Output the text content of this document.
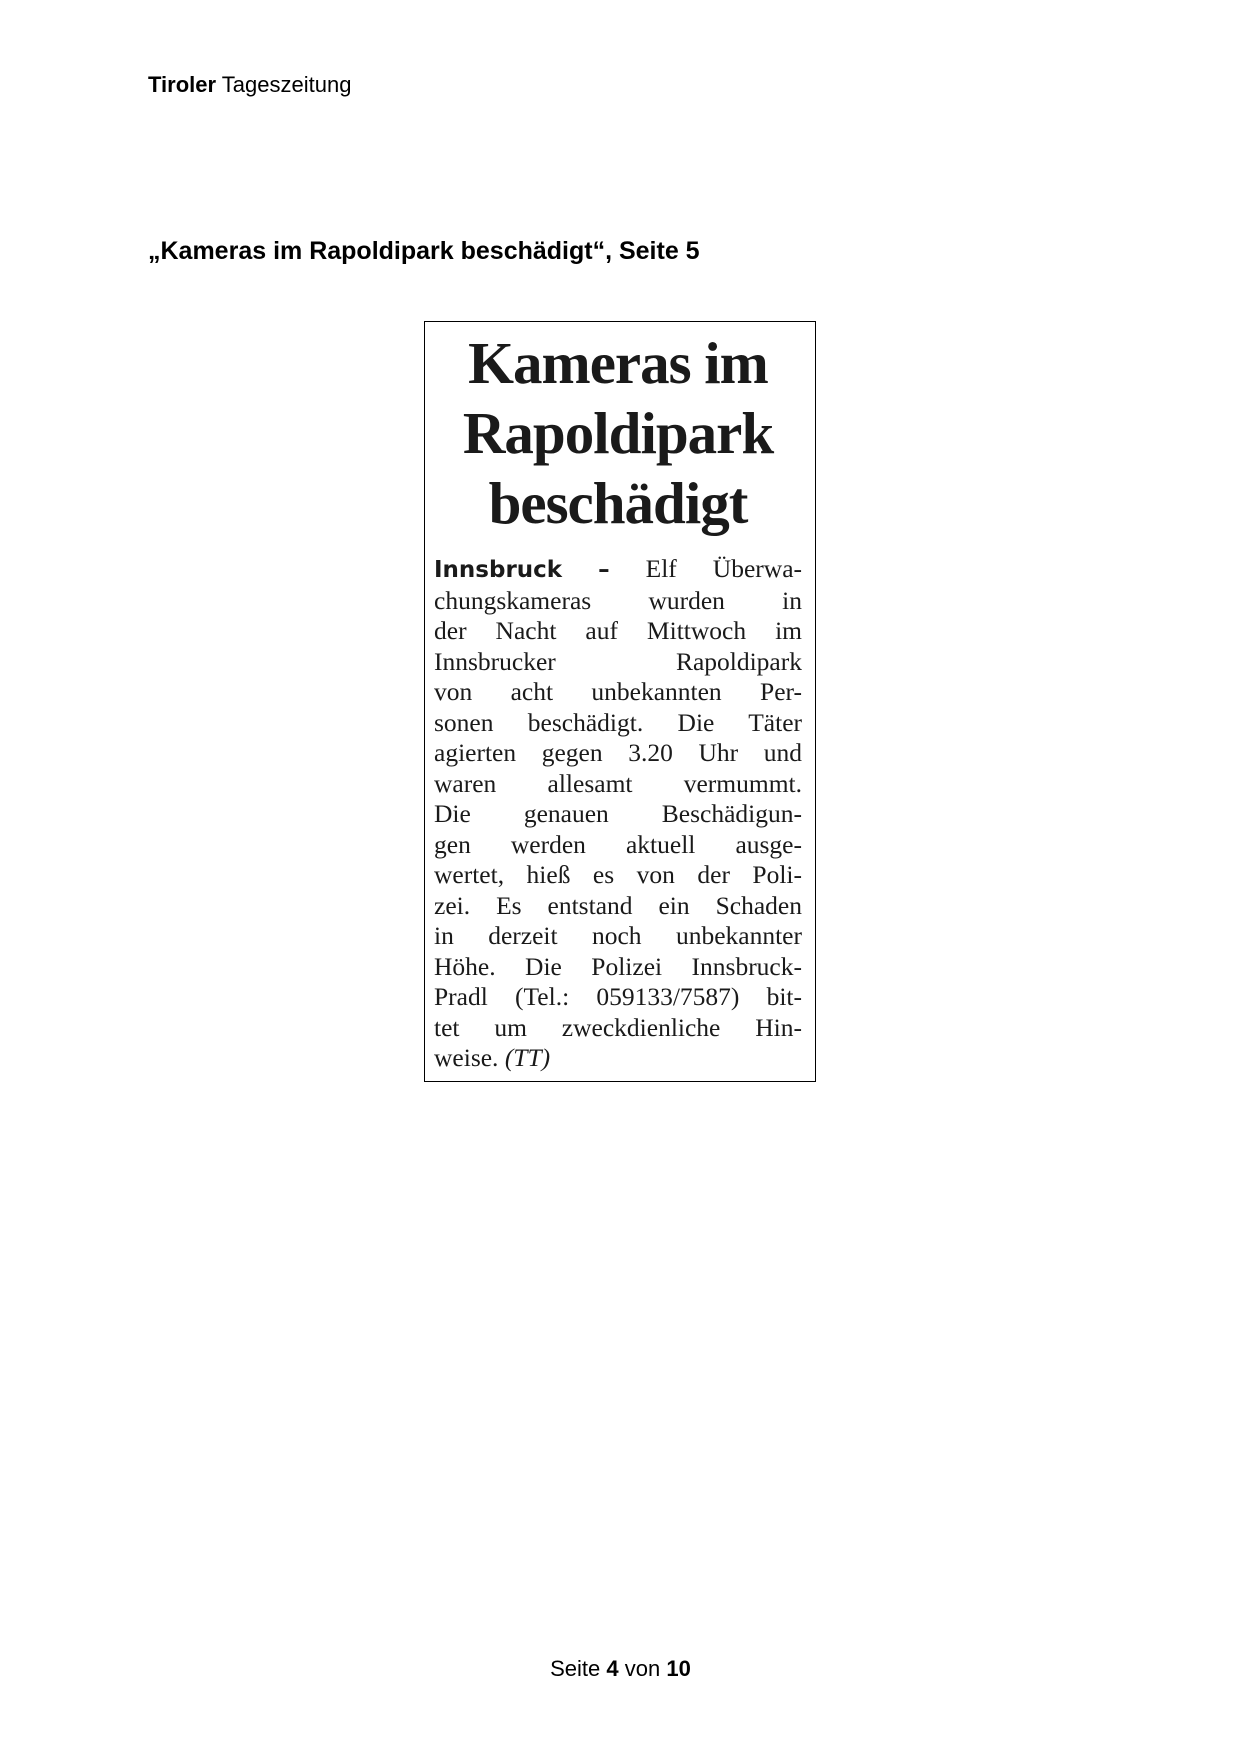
Tiroler Tageszeitung
„Kameras im Rapoldipark beschädigt“, Seite 5
Kameras im
Rapoldipark
beschädigt
Innsbruck – Elf Überwa-
chungskameras wurden in
der Nacht auf Mittwoch im
Innsbrucker Rapoldipark
von acht unbekannten Per-
sonen beschädigt. Die Täter
agierten gegen 3.20 Uhr und
waren allesamt vermummt.
Die genauen Beschädigun-
gen werden aktuell ausge-
wertet, hieß es von der Poli-
zei. Es entstand ein Schaden
in derzeit noch unbekannter
Höhe. Die Polizei Innsbruck-
Pradl (Tel.: 059133/7587) bit-
tet um zweckdienliche Hin-
weise. (TT)
Seite 4 von 10
